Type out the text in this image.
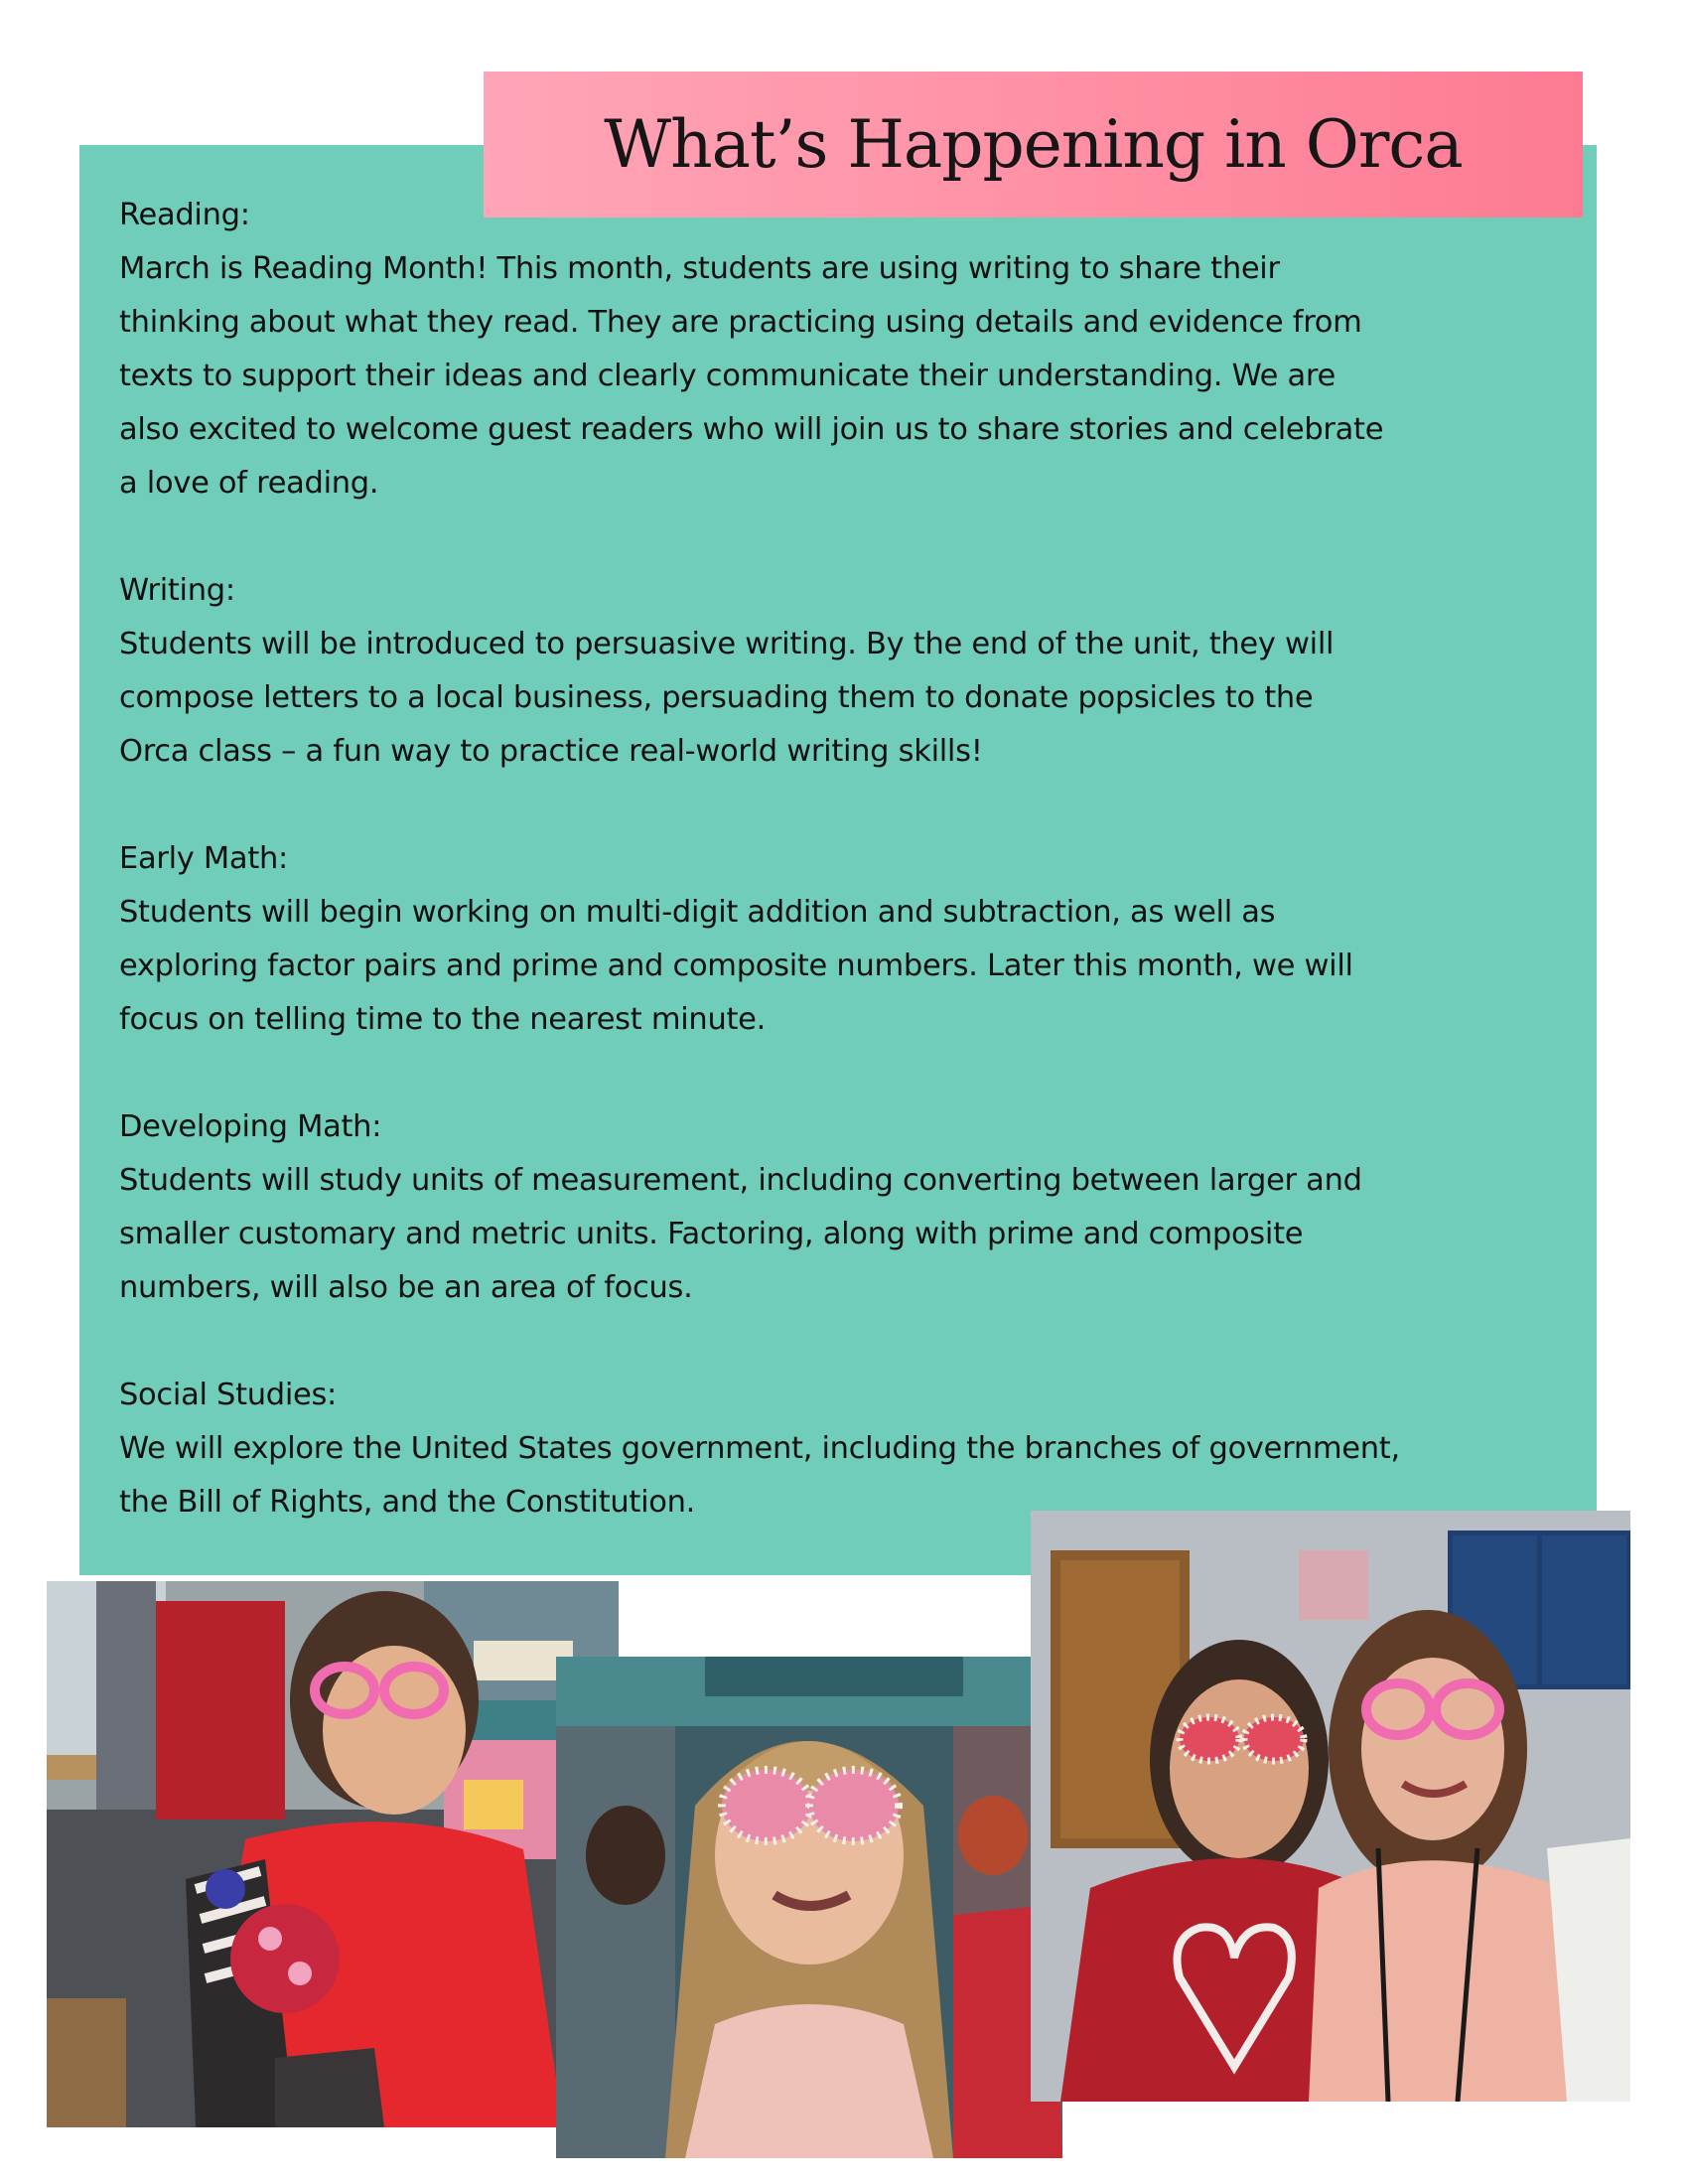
Reading:

March is Reading Month! This month, students are using writing to share their
thinking about what they read. They are practicing using details and evidence from
texts to support their ideas and clearly communicate their understanding. We are
also excited to welcome guest readers who will join us to share stories and celebrate
a love of reading.

Writing:

Students will be introduced to persuasive writing. By the end of the unit, they will
compose letters to a local business, persuading them to donate popsicles to the
Orca class – a fun way to practice real-world writing skills!

Early Math:

Students will begin working on multi-digit addition and subtraction, as well as
exploring factor pairs and prime and composite numbers. Later this month, we will
focus on telling time to the nearest minute.

Developing Math:

Students will study units of measurement, including converting between larger and
smaller customary and metric units. Factoring, along with prime and composite
numbers, will also be an area of focus.

Social Studies:

We will explore the United States government, including the branches of government,
the Bill of Rights, and the Constitution.

What’s Happening in Orca
